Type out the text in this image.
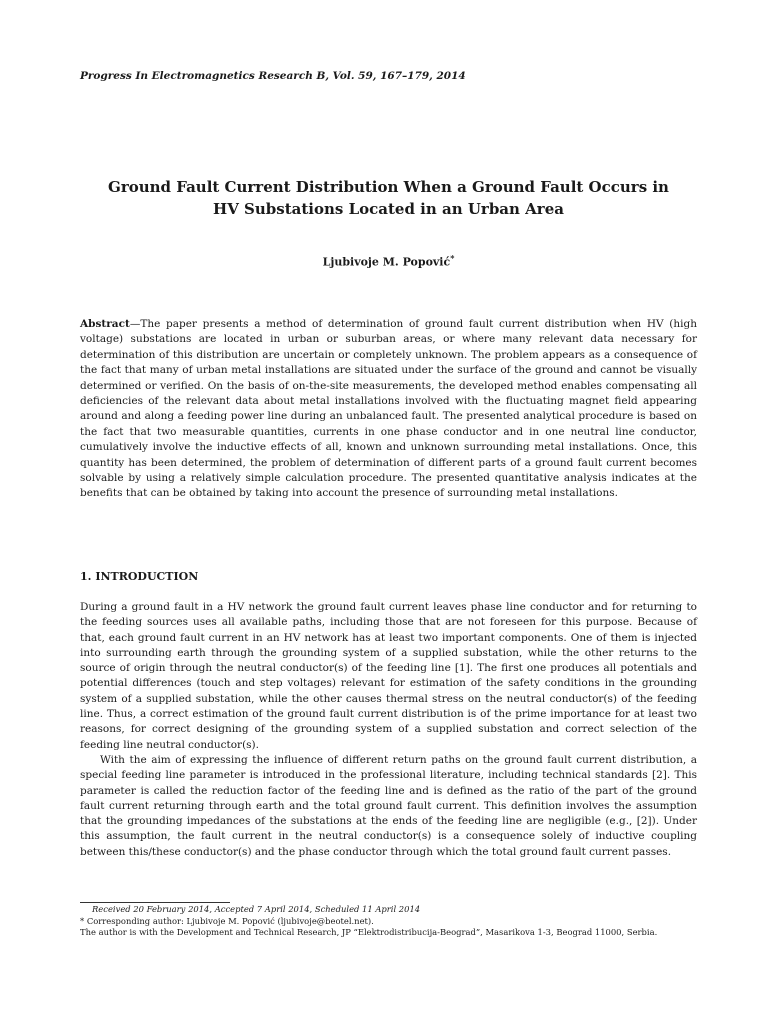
Progress In Electromagnetics Research B, Vol. 59, 167–179, 2014
Ground Fault Current Distribution When a Ground Fault Occurs in
HV Substations Located in an Urban Area
Ljubivoje M. Popović*

Abstract—The paper presents a method of determination of ground fault current distribution when HV (high voltage) substations are located in urban or suburban areas, or where many relevant data necessary for determination of this distribution are uncertain or completely unknown. The problem appears as a consequence of the fact that many of urban metal installations are situated under the surface of the ground and cannot be visually determined or verified. On the basis of on-the-site measurements, the developed method enables compensating all deficiencies of the relevant data about metal installations involved with the fluctuating magnet field appearing around and along a feeding power line during an unbalanced fault. The presented analytical procedure is based on the fact that two measurable quantities, currents in one phase conductor and in one neutral line conductor, cumulatively involve the inductive effects of all, known and unknown surrounding metal installations. Once, this quantity has been determined, the problem of determination of different parts of a ground fault current becomes solvable by using a relatively simple calculation procedure. The presented quantitative analysis indicates at the benefits that can be obtained by taking into account the presence of surrounding metal installations.

1. INTRODUCTION

During a ground fault in a HV network the ground fault current leaves phase line conductor and for returning to the feeding sources uses all available paths, including those that are not foreseen for this purpose. Because of that, each ground fault current in an HV network has at least two important components. One of them is injected into surrounding earth through the grounding system of a supplied substation, while the other returns to the source of origin through the neutral conductor(s) of the feeding line [1]. The first one produces all potentials and potential differences (touch and step voltages) relevant for estimation of the safety conditions in the grounding system of a supplied substation, while the other causes thermal stress on the neutral conductor(s) of the feeding line. Thus, a correct estimation of the ground fault current distribution is of the prime importance for at least two reasons, for correct designing of the grounding system of a supplied substation and correct selection of the feeding line neutral conductor(s).

With the aim of expressing the influence of different return paths on the ground fault current distribution, a special feeding line parameter is introduced in the professional literature, including technical standards [2]. This parameter is called the reduction factor of the feeding line and is defined as the ratio of the part of the ground fault current returning through earth and the total ground fault current. This definition involves the assumption that the grounding impedances of the substations at the ends of the feeding line are negligible (e.g., [2]). Under this assumption, the fault current in the neutral conductor(s) is a consequence solely of inductive coupling between this/these conductor(s) and the phase conductor through which the total ground fault current passes.

Received 20 February 2014, Accepted 7 April 2014, Scheduled 11 April 2014
* Corresponding author: Ljubivoje M. Popović (ljubivoje@beotel.net).
The author is with the Development and Technical Research, JP “Elektrodistribucija-Beograd”, Masarikova 1-3, Beograd 11000, Serbia.
